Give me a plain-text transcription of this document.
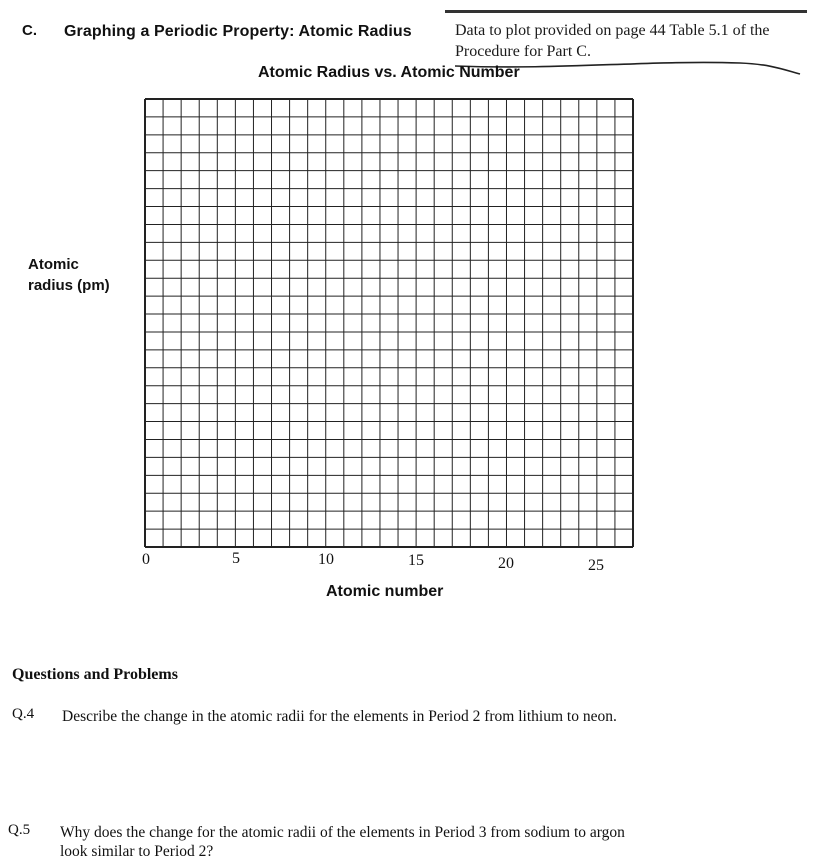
C. Graphing a Periodic Property: Atomic Radius	Data to plot provided on page 44 Table 5.1 of the
Procedure for Part C.
Atomic Radius vs. Atomic Number
Atomic
radius (pm)
0	5	10	15	20	25
Atomic number
Questions and Problems
Q.4 Describe the change in the atomic radii for the elements in Period 2 from lithium to neon.
Q.5 Why does the change for the atomic radii of the elements in Period 3 from sodium to argon
look similar to Period 2?
